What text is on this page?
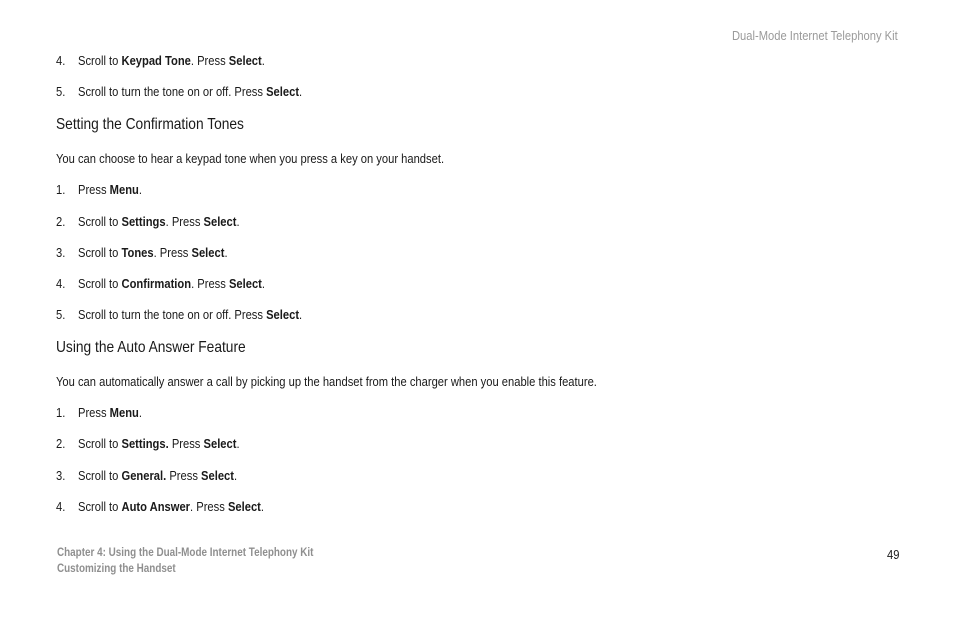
Dual-Mode Internet Telephony Kit
4. Scroll to Keypad Tone. Press Select.
5. Scroll to turn the tone on or off. Press Select.
Setting the Confirmation Tones
You can choose to hear a keypad tone when you press a key on your handset.
1. Press Menu.
2. Scroll to Settings. Press Select.
3. Scroll to Tones. Press Select.
4. Scroll to Confirmation. Press Select.
5. Scroll to turn the tone on or off. Press Select.
Using the Auto Answer Feature
You can automatically answer a call by picking up the handset from the charger when you enable this feature.
1. Press Menu.
2. Scroll to Settings. Press Select.
3. Scroll to General. Press Select.
4. Scroll to Auto Answer. Press Select.
Chapter 4: Using the Dual-Mode Internet Telephony Kit
Customizing the Handset
49
